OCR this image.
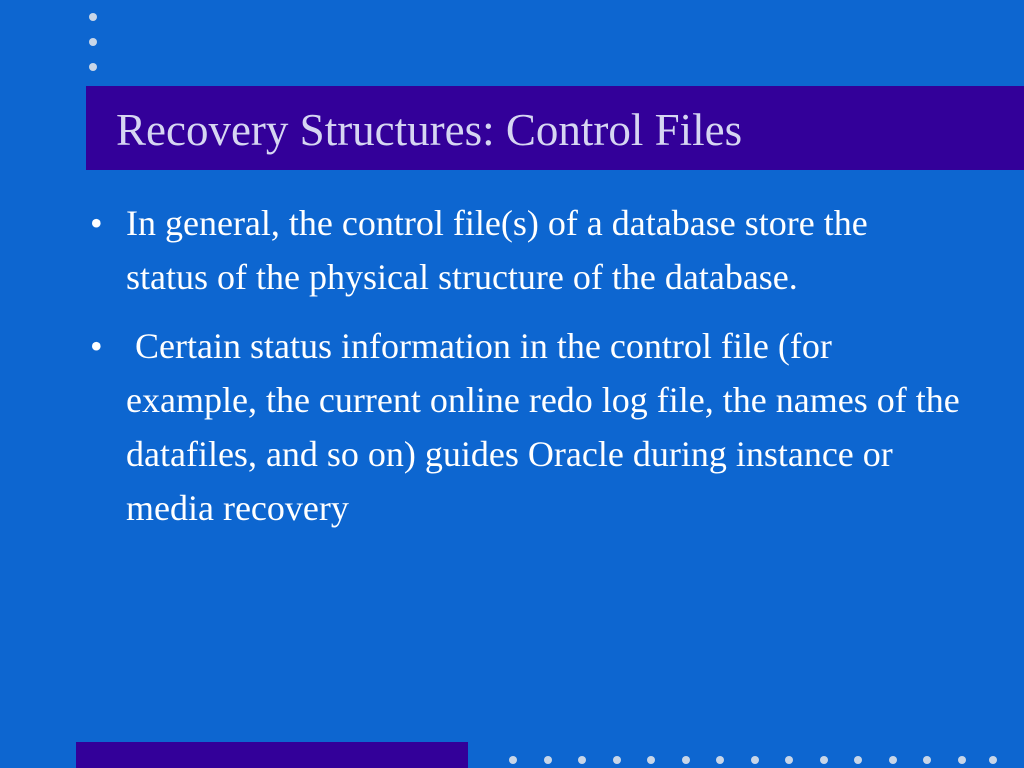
Recovery Structures: Control Files
• In general, the control file(s) of a database store the status of the physical structure of the database.
• Certain status information in the control file (for example, the current online redo log file, the names of the datafiles, and so on) guides Oracle during instance or media recovery
